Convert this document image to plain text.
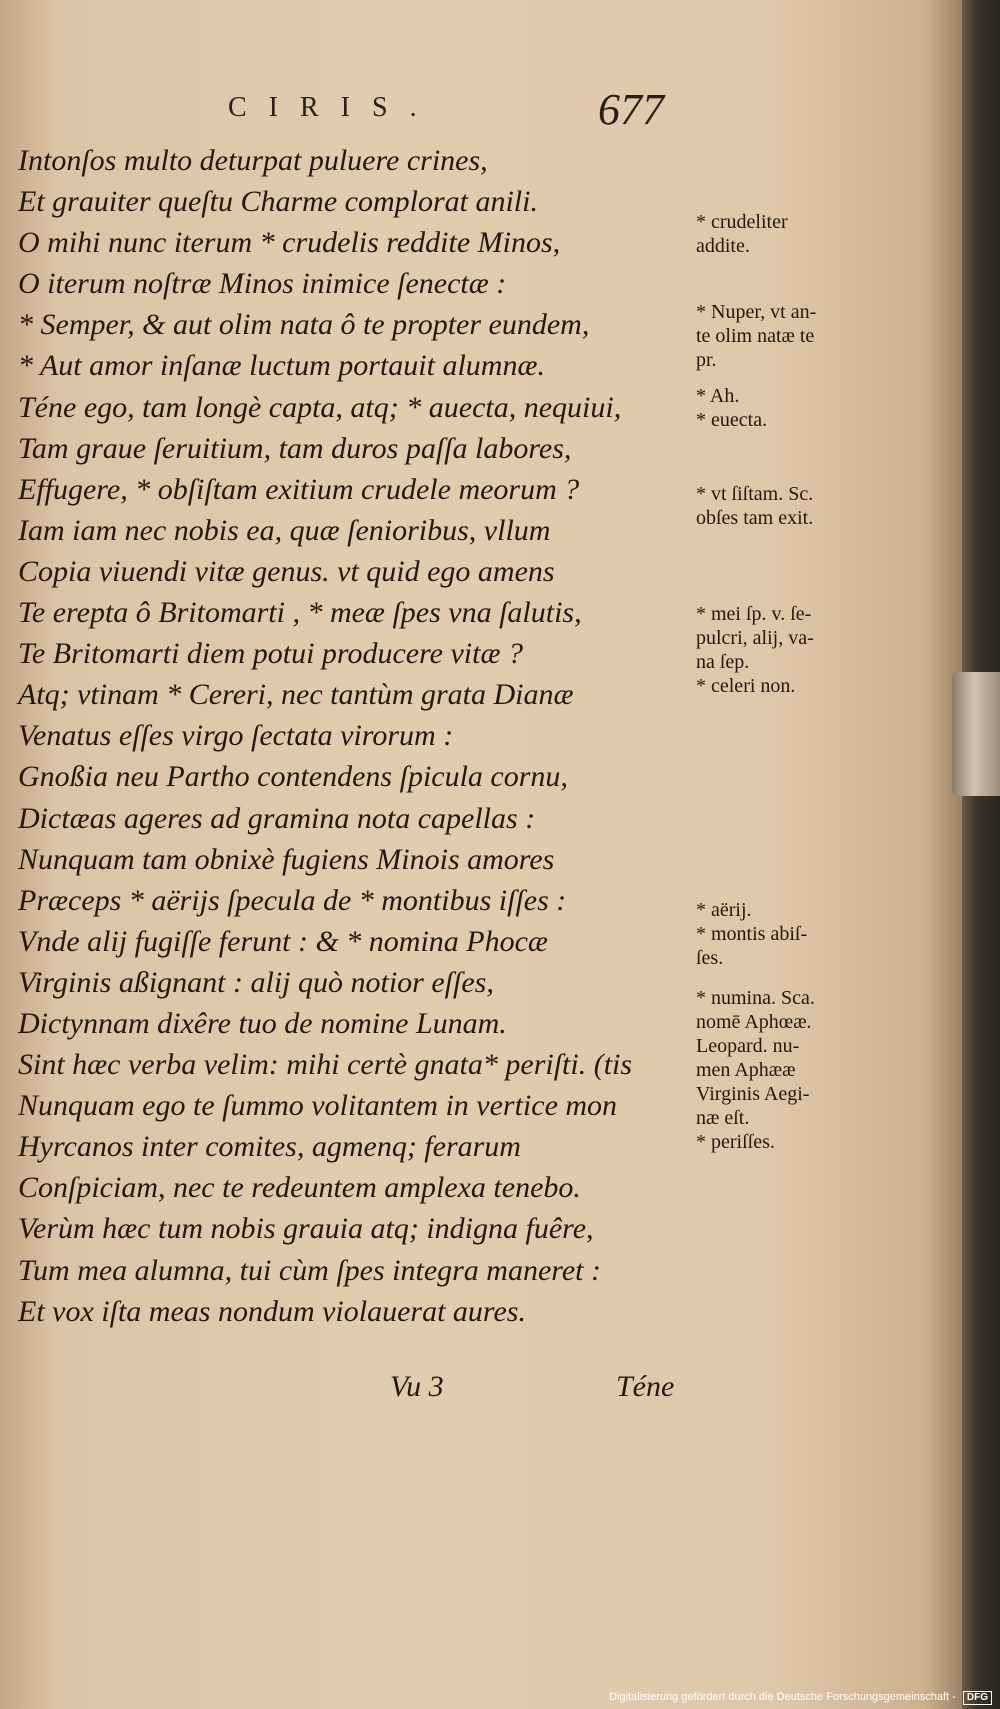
CIRIS.	677
Intonſos multo deturpat puluere crines,
Et grauiter queſtu Charme complorat anili.
O mihi nunc iterum * crudelis reddite Minos,
O iterum noſtræ Minos inimice ſenectæ :
* Semper, & aut olim nata ô te propter eundem,
* Aut amor inſanæ luctum portauit alumnæ.
Téne ego, tam longè capta, atq; * auecta, nequiui,
Tam graue ſeruitium, tam duros paſſa labores,
Effugere, * obſiſtam exitium crudele meorum ?
Iam iam nec nobis ea, quæ ſenioribus, vllum
Copia viuendi vitæ genus. vt quid ego amens
Te erepta ô Britomarti , * meæ ſpes vna ſalutis,
Te Britomarti diem potui producere vitæ ?
Atq; vtinam * Cereri, nec tantùm grata Dianæ
Venatus eſſes virgo ſectata virorum :
Gnoßia neu Partho contendens ſpicula cornu,
Dictæas ageres ad gramina nota capellas :
Nunquam tam obnixè fugiens Minois amores
Præceps * aërijs ſpecula de * montibus iſſes :
Vnde alij fugiſſe ferunt : & * nomina Phocæ
Virginis aßignant : alij quò notior eſſes,
Dictynnam dixêre tuo de nomine Lunam.
Sint hæc verba velim: mihi certè gnata* periſti. (tis
Nunquam ego te ſummo volitantem in vertice mon
Hyrcanos inter comites, agmenq; ferarum
Conſpiciam, nec te redeuntem amplexa tenebo.
Verùm hæc tum nobis grauia atq; indigna fuêre,
Tum mea alumna, tui cùm ſpes integra maneret :
Et vox iſta meas nondum violauerat aures.
* crudeliter
addite.
* Nuper, vt an-
te olim natæ te
pr.
* Ah.
* euecta.
* vt ſiſtam. Sc.
obſes tam exit.
* mei ſp. v. ſe-
pulcri, alij, va-
na ſep.
* celeri non.
* aërij.
* montis abiſ-
ſes.
* numina. Sca.
nomē Aphœæ.
Leopard. nu-
men Aphææ
Virginis Aegi-
næ eſt.
* periſſes.
Vu 3	Téne
Digitalisierung gefördert durch die Deutsche Forschungsgemeinschaft - DFG
